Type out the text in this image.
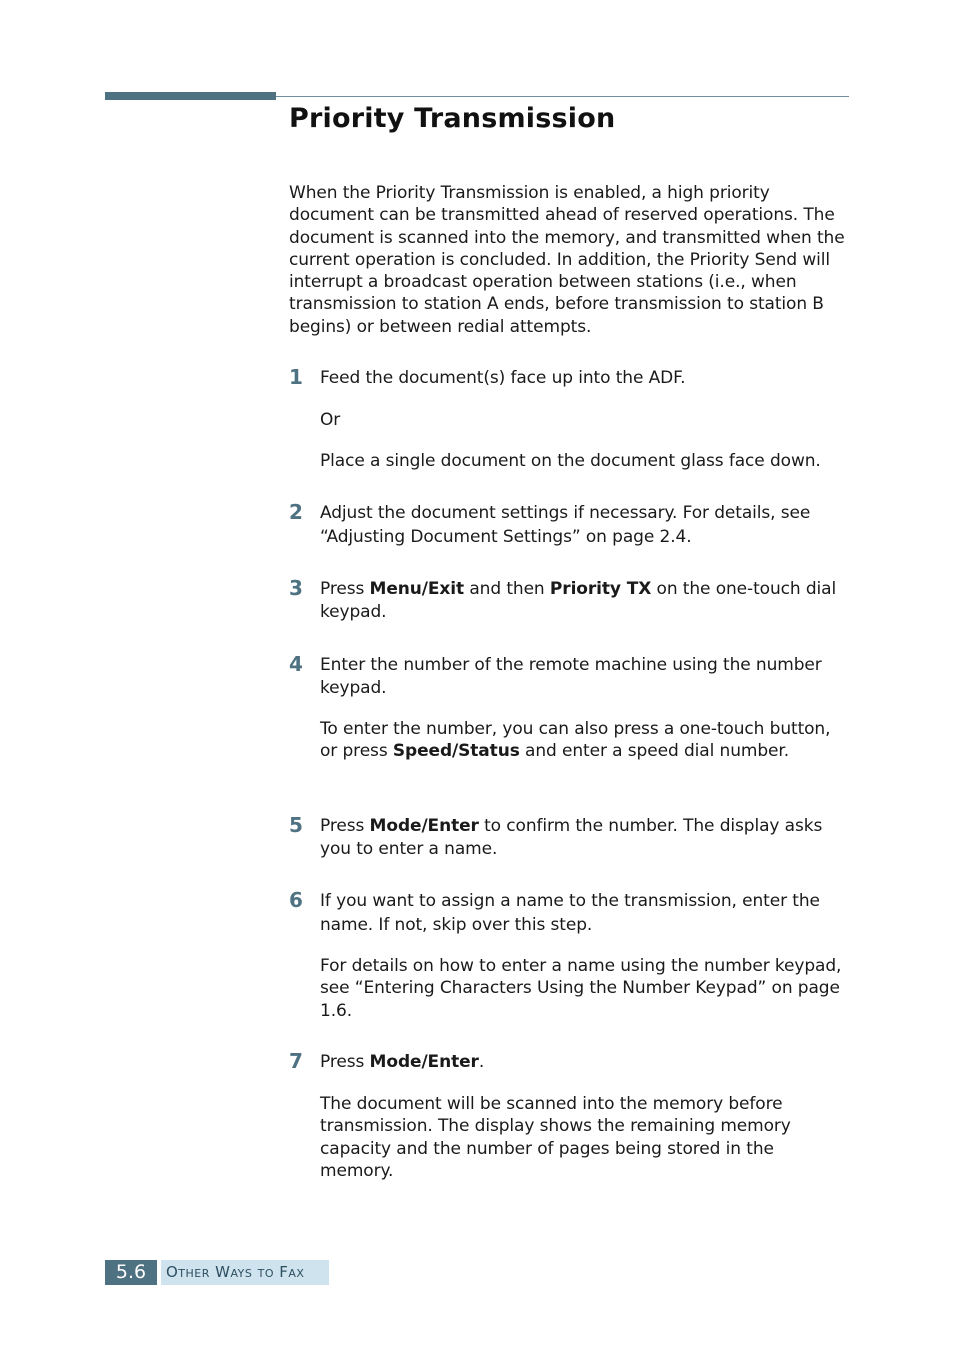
Priority Transmission

When the Priority Transmission is enabled, a high priority document can be transmitted ahead of reserved operations. The document is scanned into the memory, and transmitted when the current operation is concluded. In addition, the Priority Send will interrupt a broadcast operation between stations (i.e., when transmission to station A ends, before transmission to station B begins) or between redial attempts.

1 Feed the document(s) face up into the ADF.

Or

Place a single document on the document glass face down.

2 Adjust the document settings if necessary. For details, see “Adjusting Document Settings” on page 2.4.

3 Press Menu/Exit and then Priority TX on the one-touch dial keypad.

4 Enter the number of the remote machine using the number keypad.

To enter the number, you can also press a one-touch button, or press Speed/Status and enter a speed dial number.

5 Press Mode/Enter to confirm the number. The display asks you to enter a name.

6 If you want to assign a name to the transmission, enter the name. If not, skip over this step.

For details on how to enter a name using the number keypad, see “Entering Characters Using the Number Keypad” on page 1.6.

7 Press Mode/Enter.

The document will be scanned into the memory before transmission. The display shows the remaining memory capacity and the number of pages being stored in the memory.

5.6	Other Ways to Fax
